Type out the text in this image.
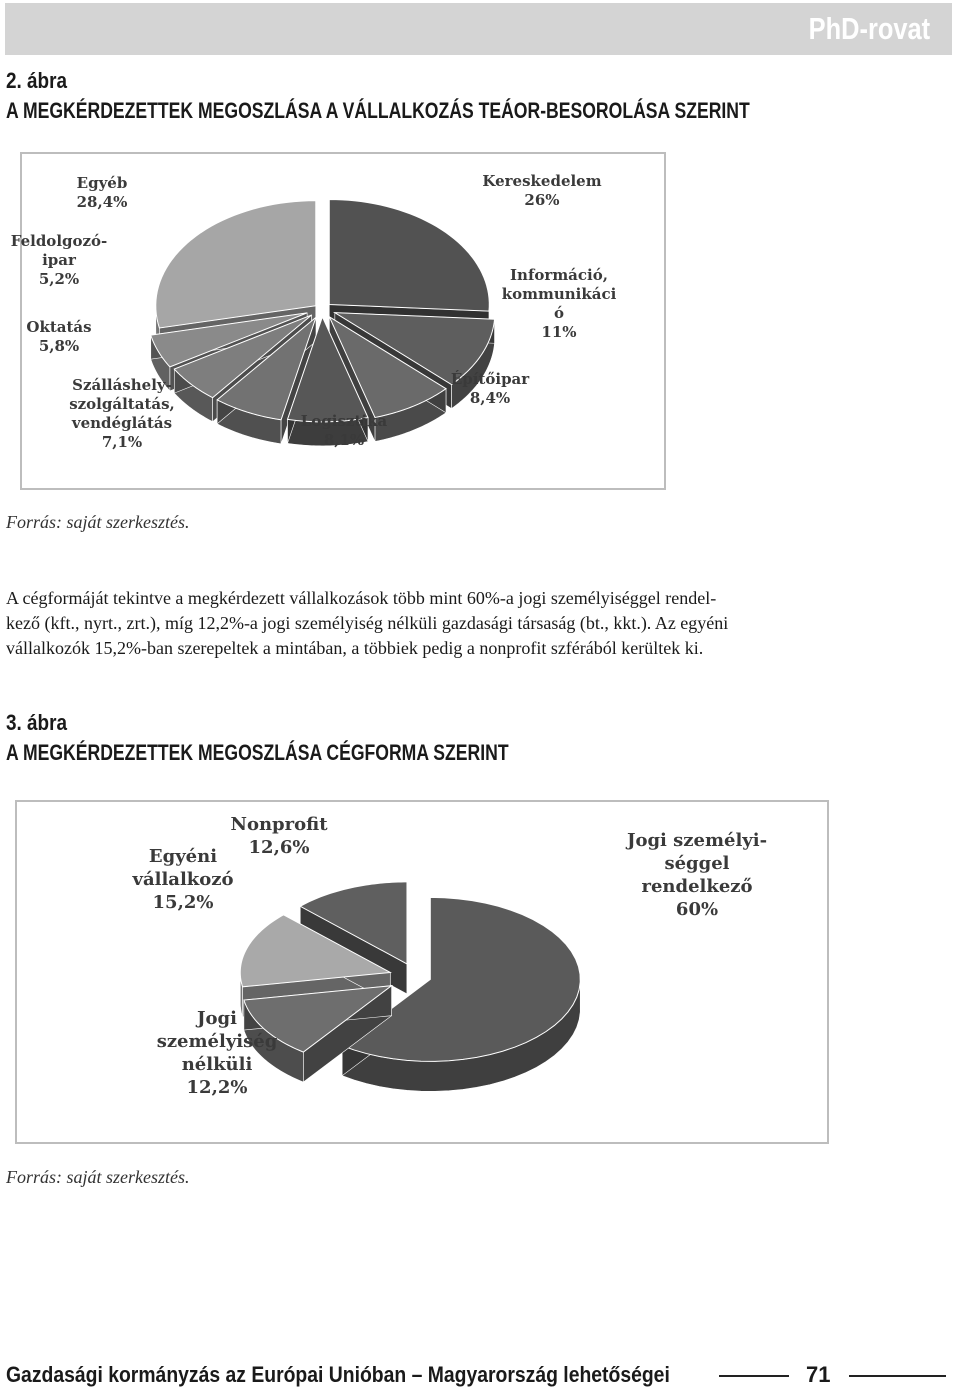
PhD-rovat
2. ábra
A MEGKÉRDEZETTEK MEGOSZLÁSA A VÁLLALKOZÁS TEÁOR-BESOROLÁSA SZERINT
Kereskedelem 26%
Információ, kommunikáci ó 11%
Építőipar 8,4%
Logisztika 8,1%
Szálláshely-szolgáltatás, vendéglátás 7,1%
Oktatás 5,8%
Feldolgozó-ipar 5,2%
Egyéb 28,4%
Forrás: saját szerkesztés.
A cégformáját tekintve a megkérdezett vállalkozások több mint 60%-a jogi személyiséggel rendel-
kező (kft., nyrt., zrt.), míg 12,2%-a jogi személyiség nélküli gazdasági társaság (bt., kkt.). Az egyéni
vállalkozók 15,2%-ban szerepeltek a mintában, a többiek pedig a nonprofit szférából kerültek ki.
3. ábra
A MEGKÉRDEZETTEK MEGOSZLÁSA CÉGFORMA SZERINT
Jogi személyi-séggel rendelkező 60%
Jogi személyiség nélküli 12,2%
Egyéni vállalkozó 15,2%
Nonprofit 12,6%
Forrás: saját szerkesztés.
Gazdasági kormányzás az Európai Unióban – Magyarország lehetőségei	71
